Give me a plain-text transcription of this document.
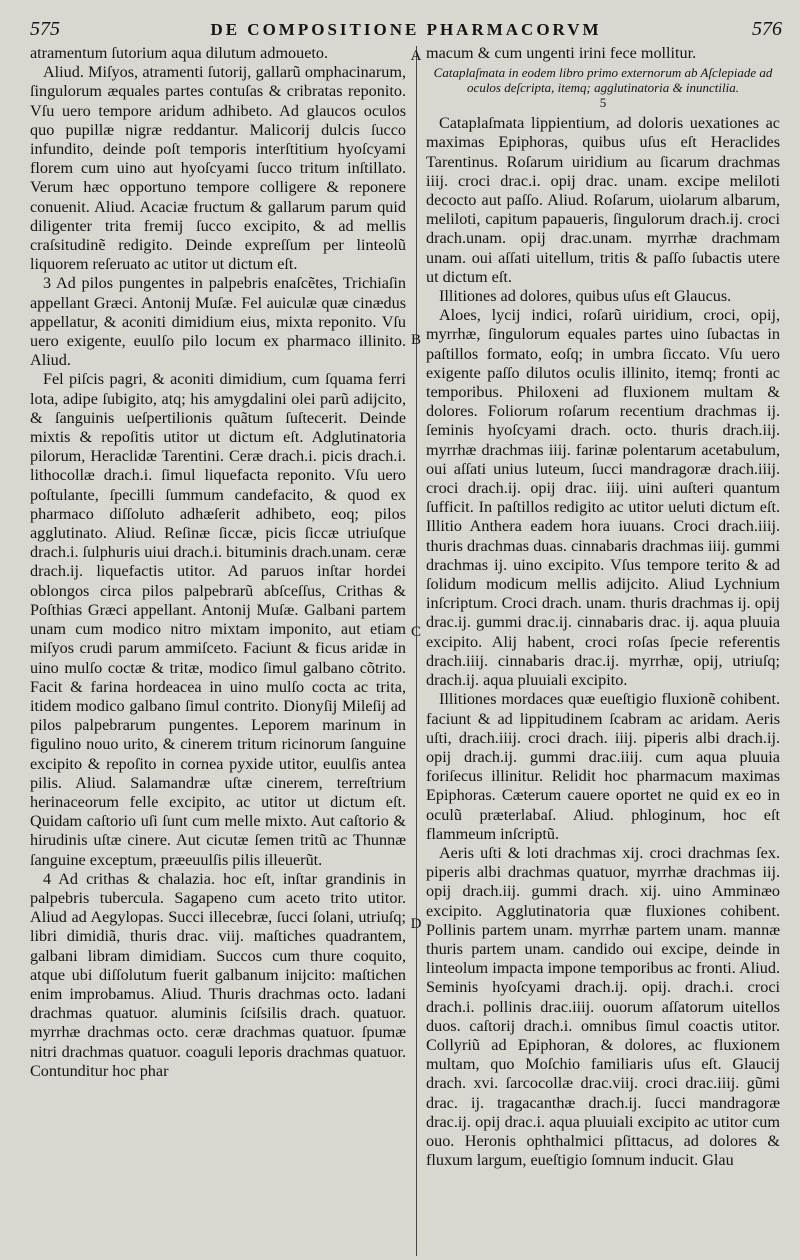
575	DE COMPOSITIONE PHARMACORVM	576

atramentum ſutorium aqua dilutum admoueto.

Aliud. Miſyos, atramenti ſutorij, gallarũ omphacinarum, ſingulorum æquales partes contuſas & cribratas reponito. Vſu uero tempore aridum adhibeto. Ad glaucos oculos quo pupillæ nigræ reddantur. Malicorij dulcis ſucco infundito, deinde poſt temporis interſtitium hyoſcyami florem cum uino aut hyoſcyami ſucco tritum inſtillato. Verum hæc opportuno tempore colligere & reponere conuenit. Aliud. Acaciæ fructum & gallarum parum quid diligenter trita fremij ſucco excipito, & ad mellis craſsitudinẽ redigito. Deinde expreſſum per linteolũ liquorem reſeruato ac utitor ut dictum eſt.

3 Ad pilos pungentes in palpebris enaſcẽtes, Trichiaſin appellant Græci. Antonij Muſæ. Fel auiculæ quæ cinædus appellatur, & aconiti dimidium eius, mixta reponito. Vſu uero exigente, euulſo pilo locum ex pharmaco illinito. Aliud.

Fel piſcis pagri, & aconiti dimidium, cum ſquama ferri lota, adipe ſubigito, atq; his amygdalini olei parũ adijcito, & ſanguinis ueſpertilionis quãtum ſuſtecerit. Deinde mixtis & repoſitis utitor ut dictum eſt. Adglutinatoria pilorum, Heraclidæ Tarentini. Ceræ drach.i. picis drach.i. lithocollæ drach.i. ſimul liquefacta reponito. Vſu uero poſtulante, ſpecilli ſummum candefacito, & quod ex pharmaco diſſoluto adhæſerit adhibeto, eoq; pilos agglutinato. Aliud. Reſinæ ſiccæ, picis ſiccæ utriuſque drach.i. ſulphuris uiui drach.i. bituminis drach.unam. ceræ drach.ij. liquefactis utitor. Ad paruos inſtar hordei oblongos circa pilos palpebrarũ abſceſſus, Crithas & Poſthias Græci appellant. Antonij Muſæ. Galbani partem unam cum modico nitro mixtam imponito, aut etiam miſyos crudi parum ammiſceto. Faciunt & ficus aridæ in uino mulſo coctæ & tritæ, modico ſimul galbano cõtrito. Facit & farina hordeacea in uino mulſo cocta ac trita, itidem modico galbano ſimul contrito. Dionyſij Mileſij ad pilos palpebrarum pungentes. Leporem marinum in figulino nouo urito, & cinerem tritum ricinorum ſanguine excipito & repoſito in cornea pyxide utitor, euulſis antea pilis. Aliud. Salamandræ uſtæ cinerem, terreſtrium herinaceorum felle excipito, ac utitor ut dictum eſt. Quidam caſtorio uſi ſunt cum melle mixto. Aut caſtorio & hirudinis uſtæ cinere. Aut cicutæ ſemen tritũ ac Thunnæ ſanguine exceptum, præeuulſis pilis illeuerũt.

4 Ad crithas & chalazia. hoc eſt, inſtar grandinis in palpebris tubercula. Sagapeno cum aceto trito utitor. Aliud ad Aegylopas. Succi illecebræ, ſucci ſolani, utriuſq; libri dimidiã, thuris drac. viij. maſtiches quadrantem, galbani libram dimidiam. Succos cum thure coquito, atque ubi diſſolutum fuerit galbanum inijcito: maſtichen enim improbamus. Aliud. Thuris drachmas octo. ladani drachmas quatuor. aluminis ſciſsilis drach. quatuor. myrrhæ drachmas octo. ceræ drachmas quatuor. ſpumæ nitri drachmas quatuor. coaguli leporis drachmas quatuor. Contunditur hoc phar

A
B
C
D

macum & cum ungenti irini fece mollitur.

Cataplaſmata in eodem libro primo externorum ab Aſclepiade ad oculos deſcripta, itemq; agglutinatoria & inunctilia.
5

Cataplaſmata lippientium, ad doloris uexationes ac maximas Epiphoras, quibus uſus eſt Heraclides Tarentinus. Roſarum uiridium au ſicarum drachmas iiij. croci drac.i. opij drac. unam. excipe meliloti decocto aut paſſo. Aliud. Roſarum, uiolarum albarum, meliloti, capitum papaueris, ſingulorum drach.ij. croci drach.unam. opij drac.unam. myrrhæ drachmam unam. oui aſſati uitellum, tritis & paſſo ſubactis utere ut dictum eſt.

Illitiones ad dolores, quibus uſus eſt Glaucus.

Aloes, lycij indici, roſarũ uiridium, croci, opij, myrrhæ, ſingulorum equales partes uino ſubactas in paſtillos formato, eoſq; in umbra ſiccato. Vſu uero exigente paſſo dilutos oculis illinito, itemq; fronti ac temporibus. Philoxeni ad fluxionem multam & dolores. Foliorum roſarum recentium drachmas ij. ſeminis hyoſcyami drach. octo. thuris drach.iij. myrrhæ drachmas iiij. farinæ polentarum acetabulum, oui aſſati unius luteum, ſucci mandragoræ drach.iiij. croci drach.ij. opij drac. iiij. uini auſteri quantum ſufficit. In paſtillos redigito ac utitor ueluti dictum eſt. Illitio Anthera eadem hora iuuans. Croci drach.iiij. thuris drachmas duas. cinnabaris drachmas iiij. gummi drachmas ij. uino excipito. Vſus tempore terito & ad ſolidum modicum mellis adijcito. Aliud Lychnium inſcriptum. Croci drach. unam. thuris drachmas ij. opij drac.ij. gummi drac.ij. cinnabaris drac. ij. aqua pluuia excipito. Alij habent, croci roſas ſpecie referentis drach.iiij. cinnabaris drac.ij. myrrhæ, opij, utriuſq; drach.ij. aqua pluuiali excipito.

Illitiones mordaces quæ eueſtigio fluxionẽ cohibent. faciunt & ad lippitudinem ſcabram ac aridam. Aeris uſti, drach.iiij. croci drach. iiij. piperis albi drach.ij. opij drach.ij. gummi drac.iiij. cum aqua pluuia foriſecus illinitur. Relidit hoc pharmacum maximas Epiphoras. Cæterum cauere oportet ne quid ex eo in oculũ præterlabaſ. Aliud. phloginum, hoc eſt flammeum inſcriptũ.

Aeris uſti & loti drachmas xij. croci drachmas ſex. piperis albi drachmas quatuor, myrrhæ drachmas iij. opij drach.iij. gummi drach. xij. uino Amminæo excipito. Agglutinatoria quæ fluxiones cohibent. Pollinis partem unam. myrrhæ partem unam. mannæ thuris partem unam. candido oui excipe, deinde in linteolum impacta impone temporibus ac fronti. Aliud. Seminis hyoſcyami drach.ij. opij. drach.i. croci drach.i. pollinis drac.iiij. ouorum aſſatorum uitellos duos. caſtorij drach.i. omnibus ſimul coactis utitor. Collyriũ ad Epiphoran, & dolores, ac fluxionem multam, quo Moſchio familiaris uſus eſt. Glaucij drach. xvi. ſarcocollæ drac.viij. croci drac.iiij. gũmi drac. ij. tragacanthæ drach.ij. ſucci mandragoræ drac.ij. opij drac.i. aqua pluuiali excipito ac utitor cum ouo. Heronis ophthalmici pſittacus, ad dolores & fluxum largum, eueſtigio ſomnum inducit. Glau
